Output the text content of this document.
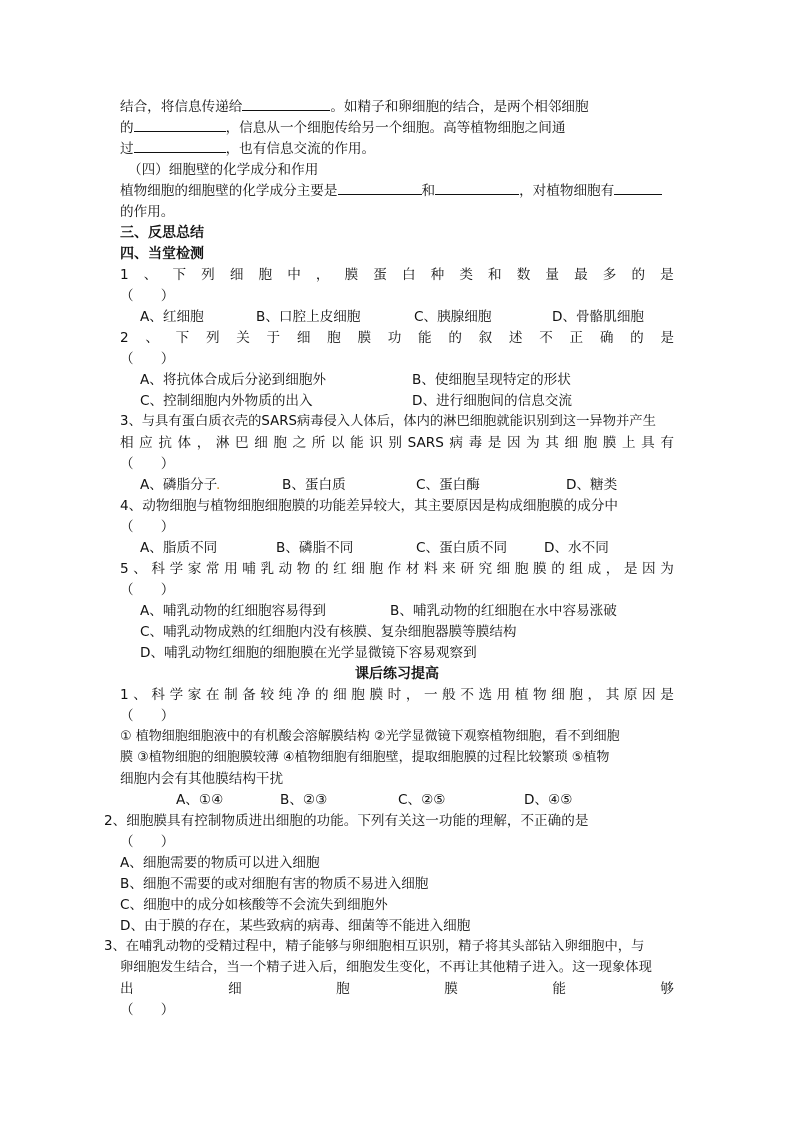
结合，将信息传递给	。如精子和卵细胞的结合，是两个相邻细胞
的	，信息从一个细胞传给另一个细胞。高等植物细胞之间通
过	，也有信息交流的作用。
（四）细胞壁的化学成分和作用
植物细胞的细胞壁的化学成分主要是	和	，对植物细胞有
的作用。
三、反思总结
四、当堂检测
1 、 下 列 细 胞 中 ， 膜 蛋 白 种 类 和 数 量 最 多 的 是
（　　）
A、红细胞	B、口腔上皮细胞	C、胰腺细胞	D、骨骼肌细胞
2 、 下 列 关 于 细 胞 膜 功 能 的 叙 述 不 正 确 的 是
（　　）
A、将抗体合成后分泌到细胞外	B、使细胞呈现特定的形状
C、控制细胞内外物质的出入	D、进行细胞间的信息交流
3、与具有蛋白质衣壳的SARS病毒侵入人体后，体内的淋巴细胞就能识别到这一异物并产生
相 应 抗 体 ， 淋 巴 细 胞 之 所 以 能 识 别 SARS 病 毒 是 因 为 其 细 胞 膜 上 具 有
（　　）
A、磷脂分子
.	B、蛋白质	C、蛋白酶	D、糖类
4、动物细胞与植物细胞细胞膜的功能差异较大，其主要原因是构成细胞膜的成分中
（　　）
A、脂质不同	B、磷脂不同	C、蛋白质不同	D、水不同
5 、 科 学 家 常 用 哺 乳 动 物 的 红 细 胞 作 材 料 来 研 究 细 胞 膜 的 组 成 ， 是 因 为
（　　）
A、哺乳动物的红细胞容易得到	B、哺乳动物的红细胞在水中容易涨破
C、哺乳动物成熟的红细胞内没有核膜、复杂细胞器膜等膜结构
D、哺乳动物红细胞的细胞膜在光学显微镜下容易观察到
课后练习提高
1 、 科 学 家 在 制 备 较 纯 净 的 细 胞 膜 时 ， 一 般 不 选 用 植 物 细 胞 ， 其 原 因 是
（　　）
① 植物细胞细胞液中的有机酸会溶解膜结构 ②光学显微镜下观察植物细胞，看不到细胞
膜 ③植物细胞的细胞膜较薄 ④植物细胞有细胞壁，提取细胞膜的过程比较繁琐 ⑤植物
细胞内会有其他膜结构干扰
A、①④	B、②③	C、②⑤	D、④⑤
2、细胞膜具有控制物质进出细胞的功能。下列有关这一功能的理解，不正确的是
（　　）
A、细胞需要的物质可以进入细胞
B、细胞不需要的或对细胞有害的物质不易进入细胞
C、细胞中的成分如核酸等不会流失到细胞外
D、由于膜的存在，某些致病的病毒、细菌等不能进入细胞
3、在哺乳动物的受精过程中，精子能够与卵细胞相互识别，精子将其头部钻入卵细胞中，与
卵细胞发生结合，当一个精子进入后，细胞发生变化，不再让其他精子进入。这一现象体现
出	细	胞	膜	能	够
（　　）
